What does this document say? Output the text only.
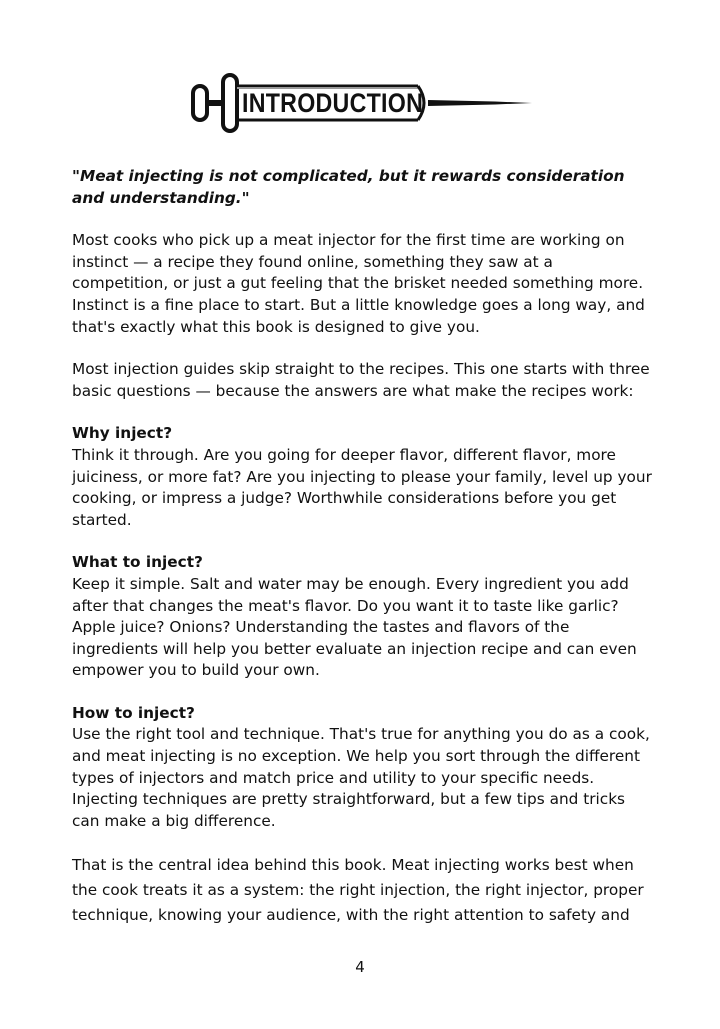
INTRODUCTION

"Meat injecting is not complicated, but it rewards consideration and understanding."

Most cooks who pick up a meat injector for the first time are working on instinct — a recipe they found online, something they saw at a competition, or just a gut feeling that the brisket needed something more. Instinct is a fine place to start. But a little knowledge goes a long way, and that's exactly what this book is designed to give you.

Most injection guides skip straight to the recipes. This one starts with three basic questions — because the answers are what make the recipes work:

Why inject?
Think it through. Are you going for deeper flavor, different flavor, more juiciness, or more fat? Are you injecting to please your family, level up your cooking, or impress a judge? Worthwhile considerations before you get started.
What to inject?
Keep it simple. Salt and water may be enough. Every ingredient you add after that changes the meat's flavor. Do you want it to taste like garlic? Apple juice? Onions? Understanding the tastes and flavors of the ingredients will help you better evaluate an injection recipe and can even empower you to build your own.
How to inject?
Use the right tool and technique. That's true for anything you do as a cook, and meat injecting is no exception. We help you sort through the different types of injectors and match price and utility to your specific needs. Injecting techniques are pretty straightforward, but a few tips and tricks can make a big difference.

That is the central idea behind this book. Meat injecting works best when the cook treats it as a system: the right injection, the right injector, proper technique, knowing your audience, with the right attention to safety and

4
